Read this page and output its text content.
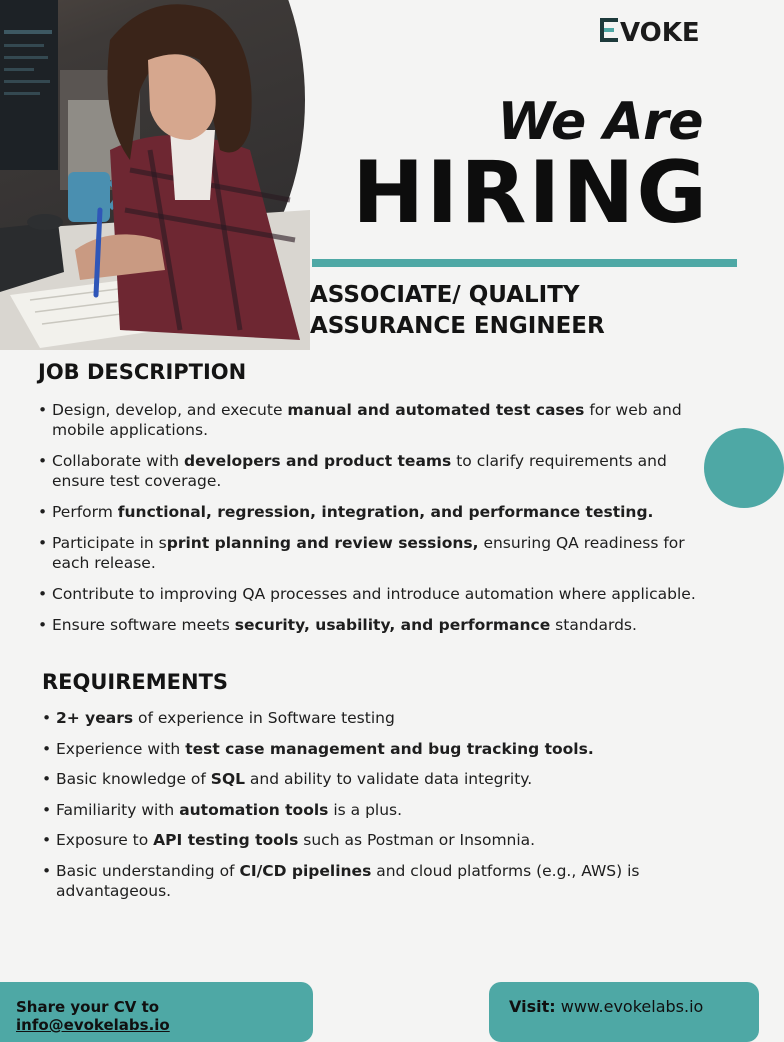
VOKE
We Are
HIRING
ASSOCIATE/ QUALITY
ASSURANCE ENGINEER
JOB DESCRIPTION
• Design, develop, and execute manual and automated test cases for web and mobile applications.
• Collaborate with developers and product teams to clarify requirements and ensure test coverage.
• Perform functional, regression, integration, and performance testing.
• Participate in sprint planning and review sessions, ensuring QA readiness for each release.
• Contribute to improving QA processes and introduce automation where applicable.
• Ensure software meets security, usability, and performance standards.
REQUIREMENTS
• 2+ years of experience in Software testing
• Experience with test case management and bug tracking tools.
• Basic knowledge of SQL and ability to validate data integrity.
• Familiarity with automation tools is a plus.
• Exposure to API testing tools such as Postman or Insomnia.
• Basic understanding of CI/CD pipelines and cloud platforms (e.g., AWS) is advantageous.
Share your CV to info@evokelabs.io
Visit: www.evokelabs.io
